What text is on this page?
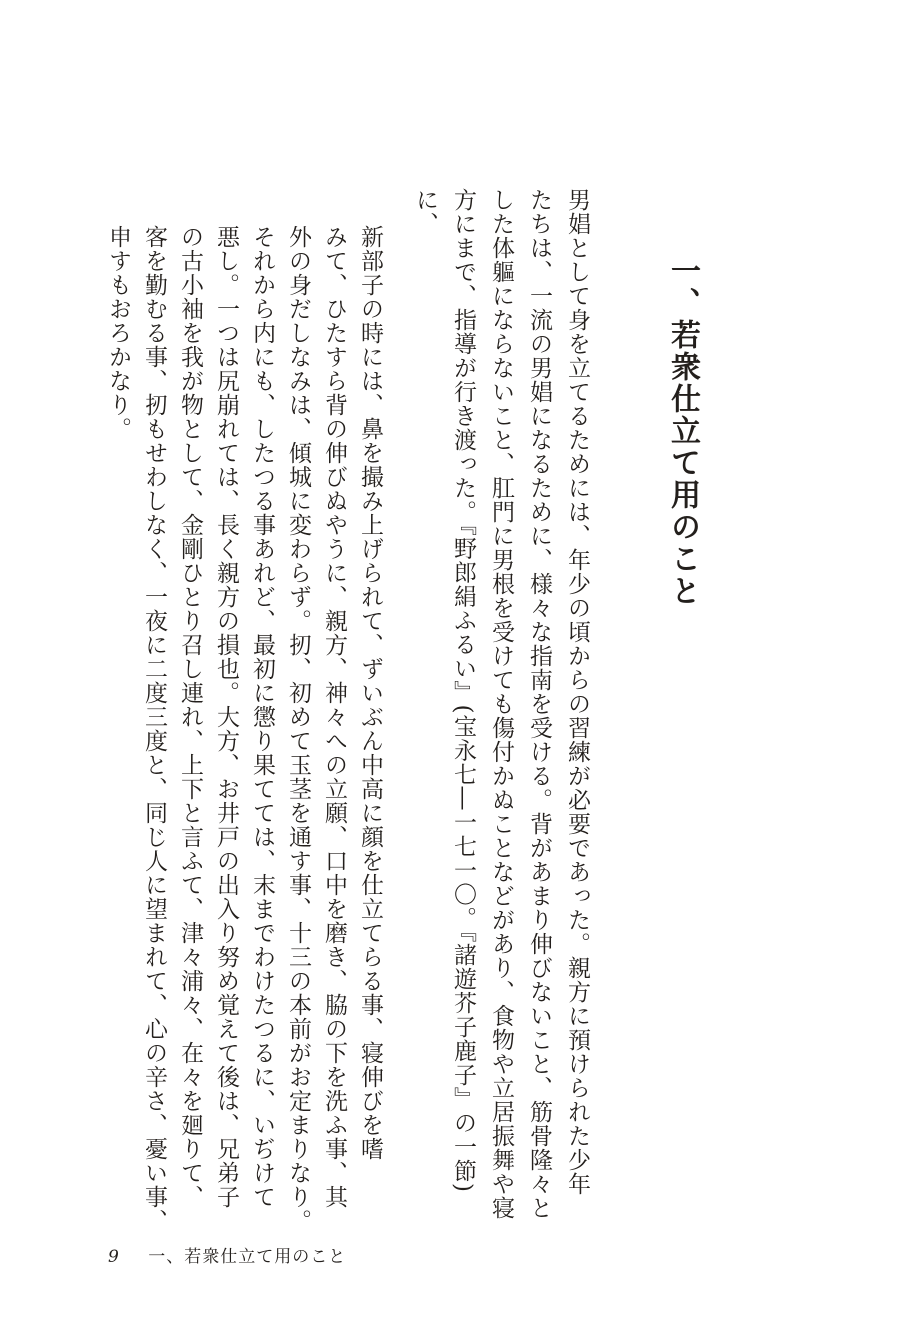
一、若衆仕立て用のこと
男娼として身を立てるためには、年少の頃からの習練が必要であった。親方に預けられた少年
たちは、一流の男娼になるために、様々な指南を受ける。背があまり伸びないこと、筋骨隆々と
した体軀にならないこと、肛門に男根を受けても傷付かぬことなどがあり、食物や立居振舞や寝
方にまで、指導が行き渡った。『野郎絹ふるい』(宝永七―一七一〇。『諸遊芥子鹿子』の一節)
に、
新部子の時には、鼻を撮み上げられて、ずいぶん中高に顔を仕立てらる事、寝伸びを嗜
みて、ひたすら背の伸びぬやうに、親方、神々への立願、口中を磨き、脇の下を洗ふ事、其
外の身だしなみは、傾城に変わらず。扨、初めて玉茎を通す事、十三の本前がお定まりなり。
それから内にも、したつる事あれど、最初に懲り果てては、末までわけたつるに、いぢけて
悪し。一つは尻崩れては、長く親方の損也。大方、お井戸の出入り努め覚えて後は、兄弟子
の古小袖を我が物として、金剛ひとり召し連れ、上下と言ふて、津々浦々、在々を廻りて、
客を勤むる事、扨もせわしなく、一夜に二度三度と、同じ人に望まれて、心の辛さ、憂い事、
申すもおろかなり。
9 一、若衆仕立て用のこと
